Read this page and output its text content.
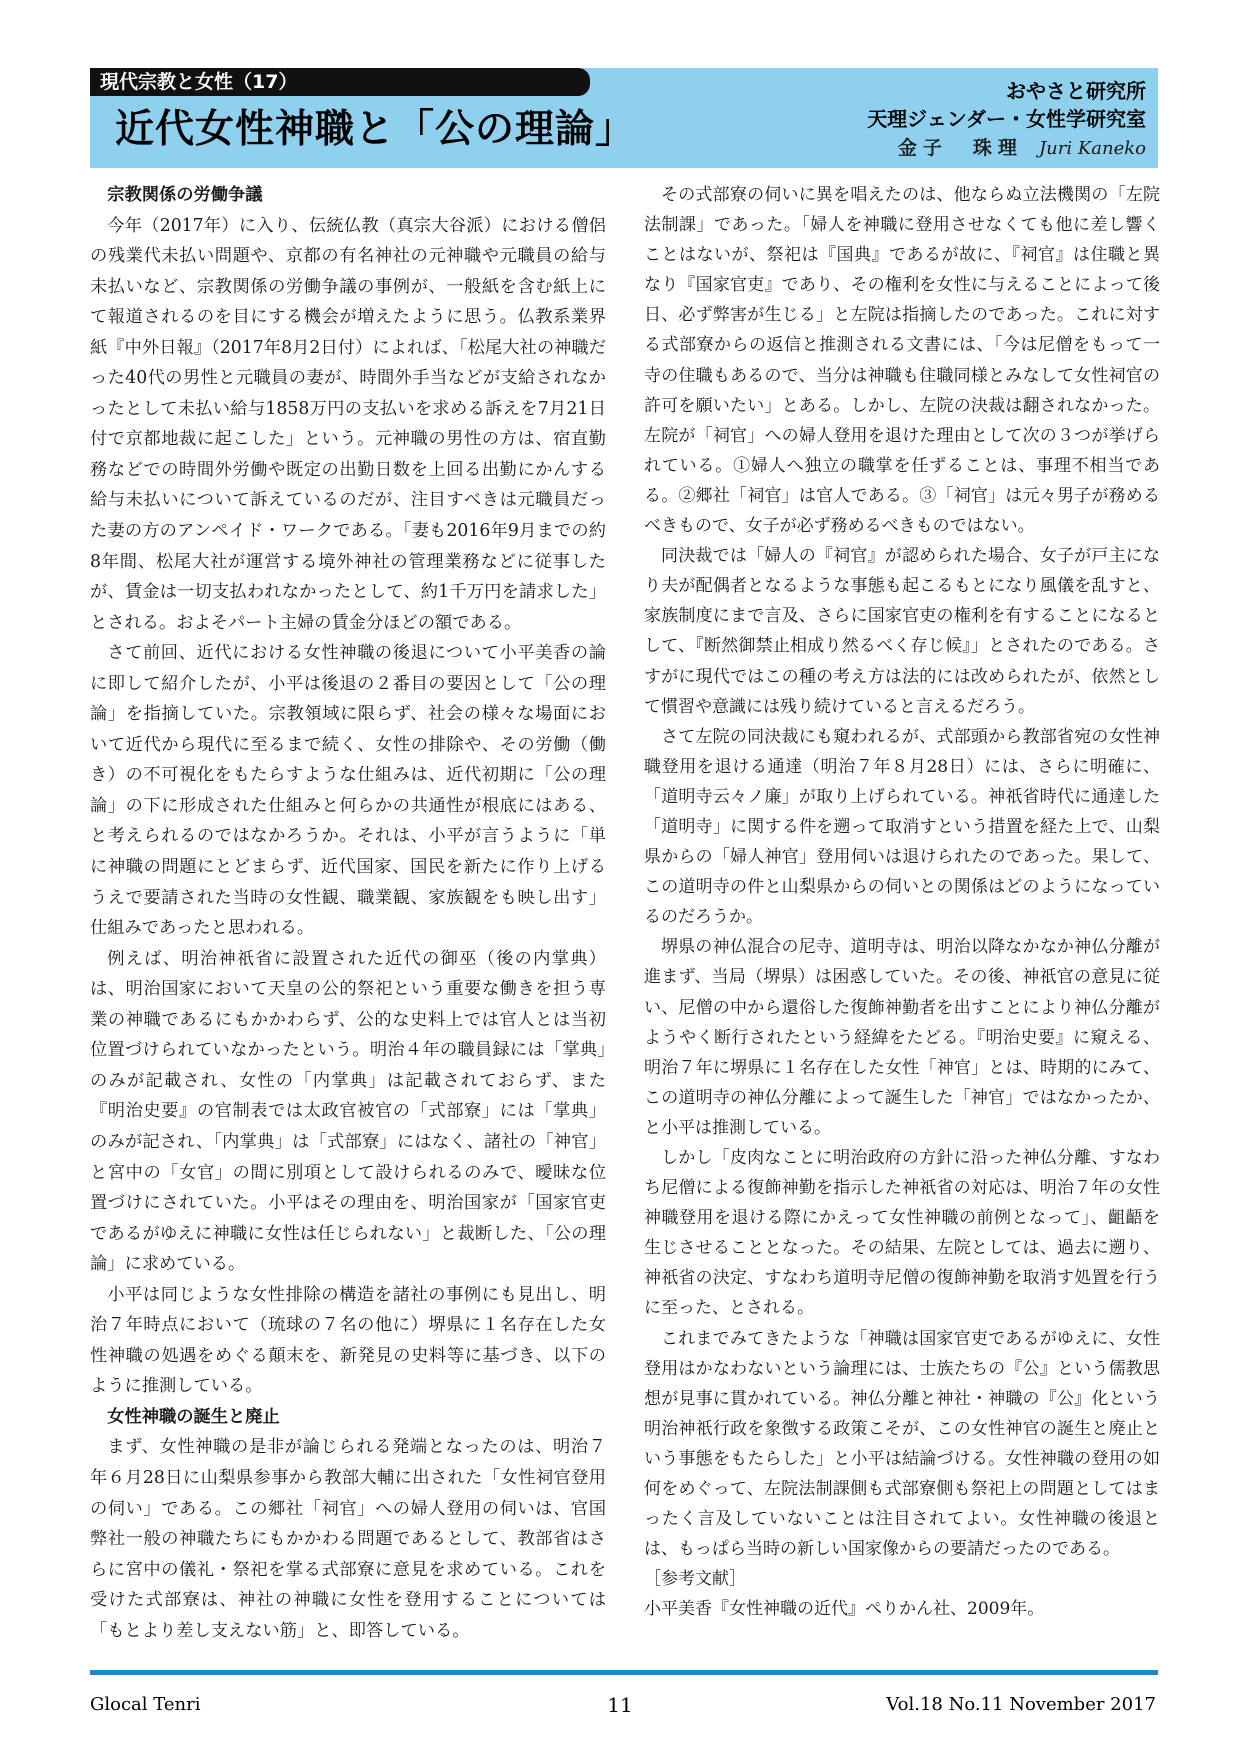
現代宗教と女性（17）
近代女性神職と「公の理論」
おやさと研究所
天理ジェンダー・女性学研究室
金子　珠理 Juri Kaneko

宗教関係の労働争議

今年（2017年）に入り、伝統仏教（真宗大谷派）における僧侶の残業代未払い問題や、京都の有名神社の元神職や元職員の給与未払いなど、宗教関係の労働争議の事例が、一般紙を含む紙上にて報道されるのを目にする機会が増えたように思う。仏教系業界紙『中外日報』（2017年8月2日付）によれば、「松尾大社の神職だった40代の男性と元職員の妻が、時間外手当などが支給されなかったとして未払い給与1858万円の支払いを求める訴えを7月21日付で京都地裁に起こした」という。元神職の男性の方は、宿直勤務などでの時間外労働や既定の出勤日数を上回る出勤にかんする給与未払いについて訴えているのだが、注目すべきは元職員だった妻の方のアンペイド・ワークである。「妻も2016年9月までの約8年間、松尾大社が運営する境外神社の管理業務などに従事したが、賃金は一切支払われなかったとして、約1千万円を請求した」とされる。およそパート主婦の賃金分ほどの額である。

さて前回、近代における女性神職の後退について小平美香の論に即して紹介したが、小平は後退の２番目の要因として「公の理論」を指摘していた。宗教領域に限らず、社会の様々な場面において近代から現代に至るまで続く、女性の排除や、その労働（働き）の不可視化をもたらすような仕組みは、近代初期に「公の理論」の下に形成された仕組みと何らかの共通性が根底にはある、と考えられるのではなかろうか。それは、小平が言うように「単に神職の問題にとどまらず、近代国家、国民を新たに作り上げるうえで要請された当時の女性観、職業観、家族観をも映し出す」仕組みであったと思われる。

例えば、明治神祇省に設置された近代の御巫（後の内掌典）は、明治国家において天皇の公的祭祀という重要な働きを担う専業の神職であるにもかかわらず、公的な史料上では官人とは当初位置づけられていなかったという。明治４年の職員録には「掌典」のみが記載され、女性の「内掌典」は記載されておらず、また『明治史要』の官制表では太政官被官の「式部寮」には「掌典」のみが記され、「内掌典」は「式部寮」にはなく、諸社の「神官」と宮中の「女官」の間に別項として設けられるのみで、曖昧な位置づけにされていた。小平はその理由を、明治国家が「国家官吏であるがゆえに神職に女性は任じられない」と裁断した、「公の理論」に求めている。

小平は同じような女性排除の構造を諸社の事例にも見出し、明治７年時点において（琉球の７名の他に）堺県に１名存在した女性神職の処遇をめぐる顛末を、新発見の史料等に基づき、以下のように推測している。

女性神職の誕生と廃止

まず、女性神職の是非が論じられる発端となったのは、明治７年６月28日に山梨県参事から教部大輔に出された「女性祠官登用の伺い」である。この郷社「祠官」への婦人登用の伺いは、官国弊社一般の神職たちにもかかわる問題であるとして、教部省はさらに宮中の儀礼・祭祀を掌る式部寮に意見を求めている。これを受けた式部寮は、神社の神職に女性を登用することについては「もとより差し支えない筋」と、即答している。

その式部寮の伺いに異を唱えたのは、他ならぬ立法機関の「左院法制課」であった。「婦人を神職に登用させなくても他に差し響くことはないが、祭祀は『国典』であるが故に、『祠官』は住職と異なり『国家官吏』であり、その権利を女性に与えることによって後日、必ず弊害が生じる」と左院は指摘したのであった。これに対する式部寮からの返信と推測される文書には、「今は尼僧をもって一寺の住職もあるので、当分は神職も住職同様とみなして女性祠官の許可を願いたい」とある。しかし、左院の決裁は翻されなかった。左院が「祠官」への婦人登用を退けた理由として次の３つが挙げられている。①婦人へ独立の職掌を任ずることは、事理不相当である。②郷社「祠官」は官人である。③「祠官」は元々男子が務めるべきもので、女子が必ず務めるべきものではない。

同決裁では「婦人の『祠官』が認められた場合、女子が戸主になり夫が配偶者となるような事態も起こるもとになり風儀を乱すと、家族制度にまで言及、さらに国家官吏の権利を有することになるとして、『断然御禁止相成り然るべく存じ候』」とされたのである。さすがに現代ではこの種の考え方は法的には改められたが、依然として慣習や意識には残り続けていると言えるだろう。

さて左院の同決裁にも窺われるが、式部頭から教部省宛の女性神職登用を退ける通達（明治７年８月28日）には、さらに明確に、「道明寺云々ノ廉」が取り上げられている。神祇省時代に通達した「道明寺」に関する件を遡って取消すという措置を経た上で、山梨県からの「婦人神官」登用伺いは退けられたのであった。果して、この道明寺の件と山梨県からの伺いとの関係はどのようになっているのだろうか。

堺県の神仏混合の尼寺、道明寺は、明治以降なかなか神仏分離が進まず、当局（堺県）は困惑していた。その後、神祇官の意見に従い、尼僧の中から還俗した復飾神勤者を出すことにより神仏分離がようやく断行されたという経緯をたどる。『明治史要』に窺える、明治７年に堺県に１名存在した女性「神官」とは、時期的にみて、この道明寺の神仏分離によって誕生した「神官」ではなかったか、と小平は推測している。

しかし「皮肉なことに明治政府の方針に沿った神仏分離、すなわち尼僧による復飾神勤を指示した神祇省の対応は、明治７年の女性神職登用を退ける際にかえって女性神職の前例となって」、齟齬を生じさせることとなった。その結果、左院としては、過去に遡り、神祇省の決定、すなわち道明寺尼僧の復飾神勤を取消す処置を行うに至った、とされる。

これまでみてきたような「神職は国家官吏であるがゆえに、女性登用はかなわないという論理には、士族たちの『公』という儒教思想が見事に貫かれている。神仏分離と神社・神職の『公』化という明治神祇行政を象徴する政策こそが、この女性神官の誕生と廃止という事態をもたらした」と小平は結論づける。女性神職の登用の如何をめぐって、左院法制課側も式部寮側も祭祀上の問題としてはまったく言及していないことは注目されてよい。女性神職の後退とは、もっぱら当時の新しい国家像からの要請だったのである。

［参考文献］

小平美香『女性神職の近代』ぺりかん社、2009年。

Glocal Tenri	11	Vol.18 No.11 November 2017
